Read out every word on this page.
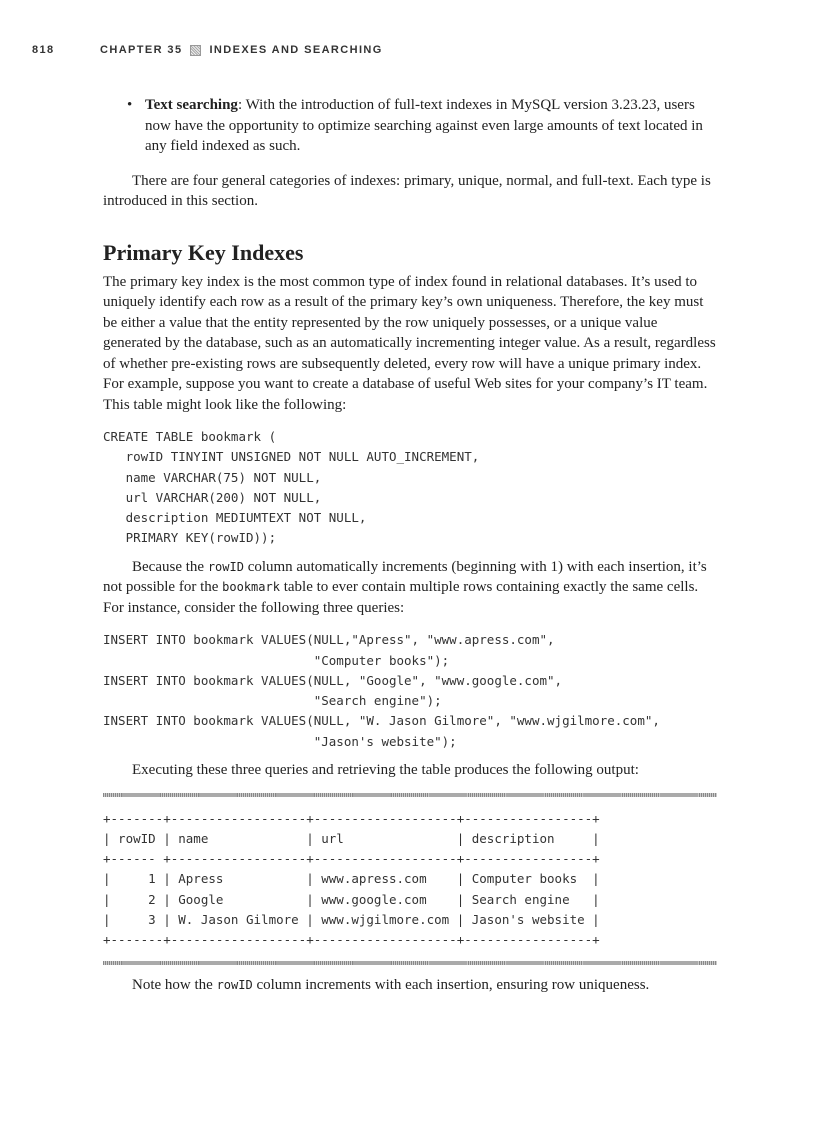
818	CHAPTER 35 INDEXES AND SEARCHING
• Text searching: With the introduction of full-text indexes in MySQL version 3.23.23, users now have the opportunity to optimize searching against even large amounts of text located in any field indexed as such.

There are four general categories of indexes: primary, unique, normal, and full-text. Each type is introduced in this section.

Primary Key Indexes

The primary key index is the most common type of index found in relational databases. It’s used to uniquely identify each row as a result of the primary key’s own uniqueness. Therefore, the key must be either a value that the entity represented by the row uniquely possesses, or a unique value generated by the database, such as an automatically incrementing integer value. As a result, regardless of whether pre-existing rows are subsequently deleted, every row will have a unique primary index. For example, suppose you want to create a database of useful Web sites for your company’s IT team. This table might look like the following:

CREATE TABLE bookmark (
rowID TINYINT UNSIGNED NOT NULL AUTO_INCREMENT,
name VARCHAR(75) NOT NULL,
url VARCHAR(200) NOT NULL,
description MEDIUMTEXT NOT NULL,
PRIMARY KEY(rowID));

Because the rowID column automatically increments (beginning with 1) with each insertion, it’s not possible for the bookmark table to ever contain multiple rows containing exactly the same cells. For instance, consider the following three queries:

INSERT INTO bookmark VALUES(NULL,"Apress", "www.apress.com",
"Computer books");
INSERT INTO bookmark VALUES(NULL, "Google", "www.google.com",
"Search engine");
INSERT INTO bookmark VALUES(NULL, "W. Jason Gilmore", "www.wjgilmore.com",
"Jason's website");

Executing these three queries and retrieving the table produces the following output:

+-------+------------------+-------------------+-----------------+
| rowID | name             | url               | description     |
+------ +------------------+-------------------+-----------------+
|     1 | Apress           | www.apress.com    | Computer books  |
|     2 | Google           | www.google.com    | Search engine   |
|     3 | W. Jason Gilmore | www.wjgilmore.com | Jason's website |
+-------+------------------+-------------------+-----------------+

Note how the rowID column increments with each insertion, ensuring row uniqueness.
